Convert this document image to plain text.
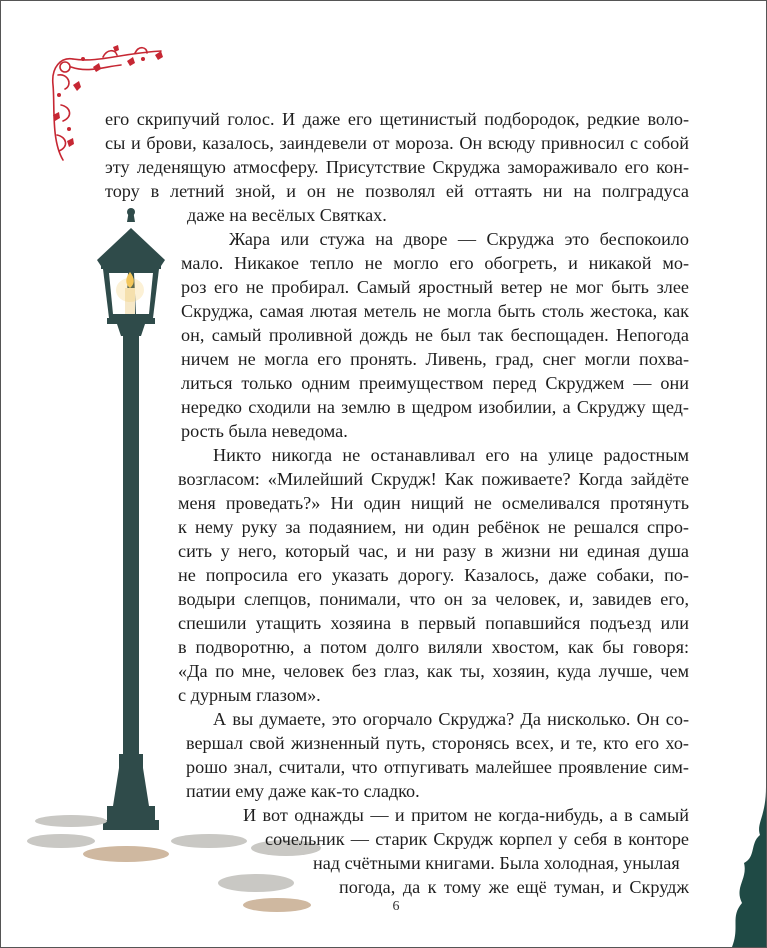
его скрипучий голос. И даже его щетинистый подбородок, редкие воло-
сы и брови, казалось, заиндевели от мороза. Он всюду привносил с собой
эту леденящую атмосферу. Присутствие Скруджа замораживало его кон-
тору в летний зной, и он не позволял ей оттаять ни на полградуса
даже на весёлых Святках.
Жара или стужа на дворе — Скруджа это беспокоило
мало. Никакое тепло не могло его обогреть, и никакой мо-
роз его не пробирал. Самый яростный ветер не мог быть злее
Скруджа, самая лютая метель не могла быть столь жестока, как
он, самый проливной дождь не был так беспощаден. Непогода
ничем не могла его пронять. Ливень, град, снег могли похва-
литься только одним преимуществом перед Скруджем — они
нередко сходили на землю в щедром изобилии, а Скруджу щед-
рость была неведома.
Никто никогда не останавливал его на улице радостным
возгласом: «Милейший Скрудж! Как поживаете? Когда зайдёте
меня проведать?» Ни один нищий не осмеливался протянуть
к нему руку за подаянием, ни один ребёнок не решался спро-
сить у него, который час, и ни разу в жизни ни единая душа
не попросила его указать дорогу. Казалось, даже собаки, по-
водыри слепцов, понимали, что он за человек, и, завидев его,
спешили утащить хозяина в первый попавшийся подъезд или
в подворотню, а потом долго виляли хвостом, как бы говоря:
«Да по мне, человек без глаз, как ты, хозяин, куда лучше, чем
с дурным глазом».
А вы думаете, это огорчало Скруджа? Да нисколько. Он со-
вершал свой жизненный путь, сторонясь всех, и те, кто его хо-
рошо знал, считали, что отпугивать малейшее проявление сим-
патии ему даже как-то сладко.
И вот однажды — и притом не когда-нибудь, а в самый
сочельник — старик Скрудж корпел у себя в конторе
над счётными книгами. Была холодная, унылая
погода, да к тому же ещё туман, и Скрудж
6
